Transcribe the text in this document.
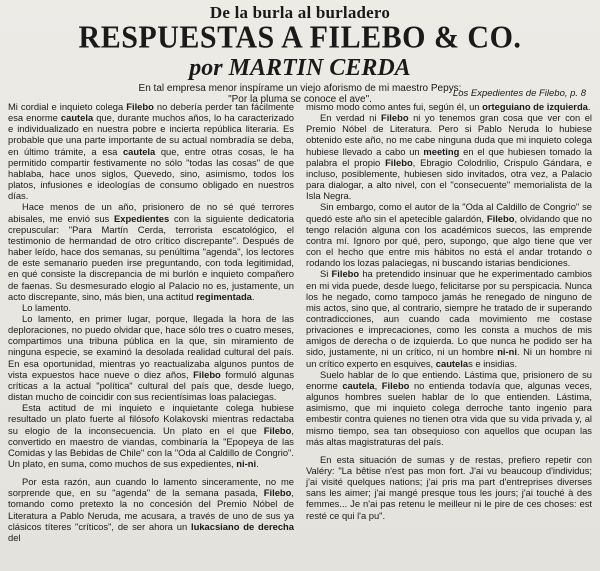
De la burla al burladero
RESPUESTAS A FILEBO & CO.
por MARTIN CERDA
En tal empresa menor inspírame un viejo aforismo de mi maestro Pepys:
"Por la pluma se conoce el ave".
Los Expedientes de Filebo, p. 8

Mi cordial e inquieto colega Filebo no debería perder tan fácilmente esa enorme cautela que, durante muchos años, lo ha caracterizado e individualizado en nuestra pobre e incierta república literaria. Es probable que una parte importante de su actual nombradía se deba, en último trámite, a esa cautela que, entre otras cosas, le ha permitido compartir festivamente no sólo "todas las cosas" de que hablaba, hace unos siglos, Quevedo, sino, asimismo, todos los platos, infusiones e ideologías de consumo obligado en nuestros días.

Hace menos de un año, prisionero de no sé qué terrores abisales, me envió sus Expedientes con la siguiente dedicatoria crepuscular: "Para Martín Cerda, terrorista escatológico, el testimonio de hermandad de otro crítico discrepante". Después de haber leído, hace dos semanas, su penúltima "agenda", los lectores de este semanario pueden irse preguntando, con toda legitimidad, en qué consiste la discrepancia de mi burlón e inquieto compañero de faenas. Su desmesurado elogio al Palacio no es, justamente, un acto discrepante, sino, más bien, una actitud regimentada.

Lo lamento.

Lo lamento, en primer lugar, porque, llegada la hora de las deploraciones, no puedo olvidar que, hace sólo tres o cuatro meses, compartimos una tribuna pública en la que, sin miramiento de ninguna especie, se examinó la desolada realidad cultural del país. En esa oportunidad, mientras yo reactualizaba algunos puntos de vista expuestos hace nueve o diez años, Filebo formuló algunas críticas a la actual "política" cultural del país que, desde luego, distan mucho de coincidir con sus recientísimas loas palaciegas.

Esta actitud de mi inquieto e inquietante colega hubiese resultado un plato fuerte al filósofo Kolakovski mientras redactaba su elogio de la inconsecuencia. Un plato en el que Filebo, convertido en maestro de viandas, combinaría la "Epopeya de las Comidas y las Bebidas de Chile" con la "Oda al Caldillo de Congrio". Un plato, en suma, como muchos de sus expedientes, ni-ni.

Por esta razón, aun cuando lo lamento sinceramente, no me sorprende que, en su "agenda" de la semana pasada, Filebo, tomando como pretexto la no concesión del Premio Nóbel de Literatura a Pablo Neruda, me acusara, a través de uno de sus ya clásicos títeres "críticos", de ser ahora un lukacsiano de derecha del

mismo modo como antes fui, según él, un orteguiano de izquierda.

En verdad ni Filebo ni yo tenemos gran cosa que ver con el Premio Nóbel de Literatura. Pero si Pablo Neruda lo hubiese obtenido este año, no me cabe ninguna duda que mi inquieto colega hubiese llevado a cabo un meeting en el que hubiesen tomado la palabra el propio Filebo, Ebragio Colodrilio, Crispulo Gándara, e incluso, posiblemente, hubiesen sido invitados, otra vez, a Palacio para dialogar, a alto nivel, con el "consecuente" memorialista de la Isla Negra.

Sin embargo, como el autor de la "Oda al Caldillo de Congrio" se quedó este año sin el apetecible galardón, Filebo, olvidando que no tengo relación alguna con los académicos suecos, las emprende contra mí. Ignoro por qué, pero, supongo, que algo tiene que ver con el hecho que entre mis hábitos no está el andar trotando o rodando los lozas palaciegas, ni buscando istarias bendiciones.

Si Filebo ha pretendido insinuar que he experimentado cambios en mi vida puede, desde luego, felicitarse por su perspicacia. Nunca los he negado, como tampoco jamás he renegado de ninguno de mis actos, sino que, al contrario, siempre he tratado de ir superando contradicciones, aun cuando cada movimiento me costase privaciones e imprecaciones, como les consta a muchos de mis amigos de derecha o de izquierda. Lo que nunca he podido ser ha sido, justamente, ni un crítico, ni un hombre ni-ni. Ni un hombre ni un crítico experto en esquives, cautelas e insidias.

Suelo hablar de lo que entiendo. Lástima que, prisionero de su enorme cautela, Filebo no entienda todavía que, algunas veces, algunos hombres suelen hablar de lo que entienden. Lástima, asimismo, que mi inquieto colega derroche tanto ingenio para embestir contra quienes no tienen otra vida que su vida privada y, al mismo tiempo, sea tan obsequioso con aquellos que ocupan las más altas magistraturas del país.

En esta situación de sumas y de restas, prefiero repetir con Valéry: "La bêtise n'est pas mon fort. J'ai vu beaucoup d'individus; j'ai visité quelques nations; j'ai pris ma part d'entreprises diverses sans les aimer; j'ai mangé presque tous les jours; j'ai touché à des femmes... Je n'ai pas retenu le meilleur ni le pire de ces choses: est resté ce qui l'a pu".
